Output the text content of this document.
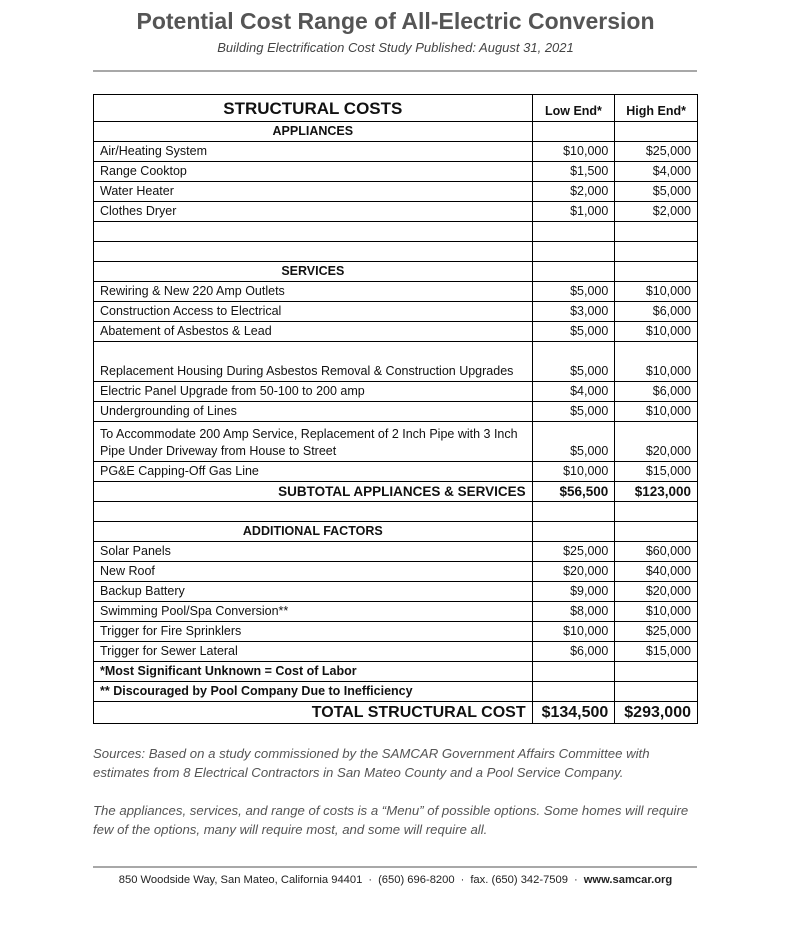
Potential Cost Range of All-Electric Conversion
Building Electrification Cost Study Published: August 31, 2021
STRUCTURAL COSTS	Low End*	High End*
APPLIANCES		
Air/Heating System	$10,000	$25,000
Range Cooktop	$1,500	$4,000
Water Heater	$2,000	$5,000
Clothes Dryer	$1,000	$2,000

SERVICES		
Rewiring & New 220 Amp Outlets	$5,000	$10,000
Construction Access to Electrical	$3,000	$6,000
Abatement of Asbestos & Lead	$5,000	$10,000
Replacement Housing During Asbestos Removal & Construction Upgrades	$5,000	$10,000
Electric Panel Upgrade from 50-100 to 200 amp	$4,000	$6,000
Undergrounding of Lines	$5,000	$10,000
To Accommodate 200 Amp Service, Replacement of 2 Inch Pipe with 3 Inch Pipe Under Driveway from House to Street	$5,000	$20,000
PG&E Capping-Off Gas Line	$10,000	$15,000
SUBTOTAL APPLIANCES & SERVICES	$56,500	$123,000

ADDITIONAL FACTORS		
Solar Panels	$25,000	$60,000
New Roof	$20,000	$40,000
Backup Battery	$9,000	$20,000
Swimming Pool/Spa Conversion**	$8,000	$10,000
Trigger for Fire Sprinklers	$10,000	$25,000
Trigger for Sewer Lateral	$6,000	$15,000
*Most Significant Unknown = Cost of Labor		
** Discouraged by Pool Company Due to Inefficiency		
TOTAL STRUCTURAL COST	$134,500	$293,000
Sources: Based on a study commissioned by the SAMCAR Government Affairs Committee with estimates from 8 Electrical Contractors in San Mateo County and a Pool Service Company.
The appliances, services, and range of costs is a “Menu” of possible options. Some homes will require few of the options, many will require most, and some will require all.
850 Woodside Way, San Mateo, California 94401 · (650) 696-8200 · fax. (650) 342-7509 · www.samcar.org
